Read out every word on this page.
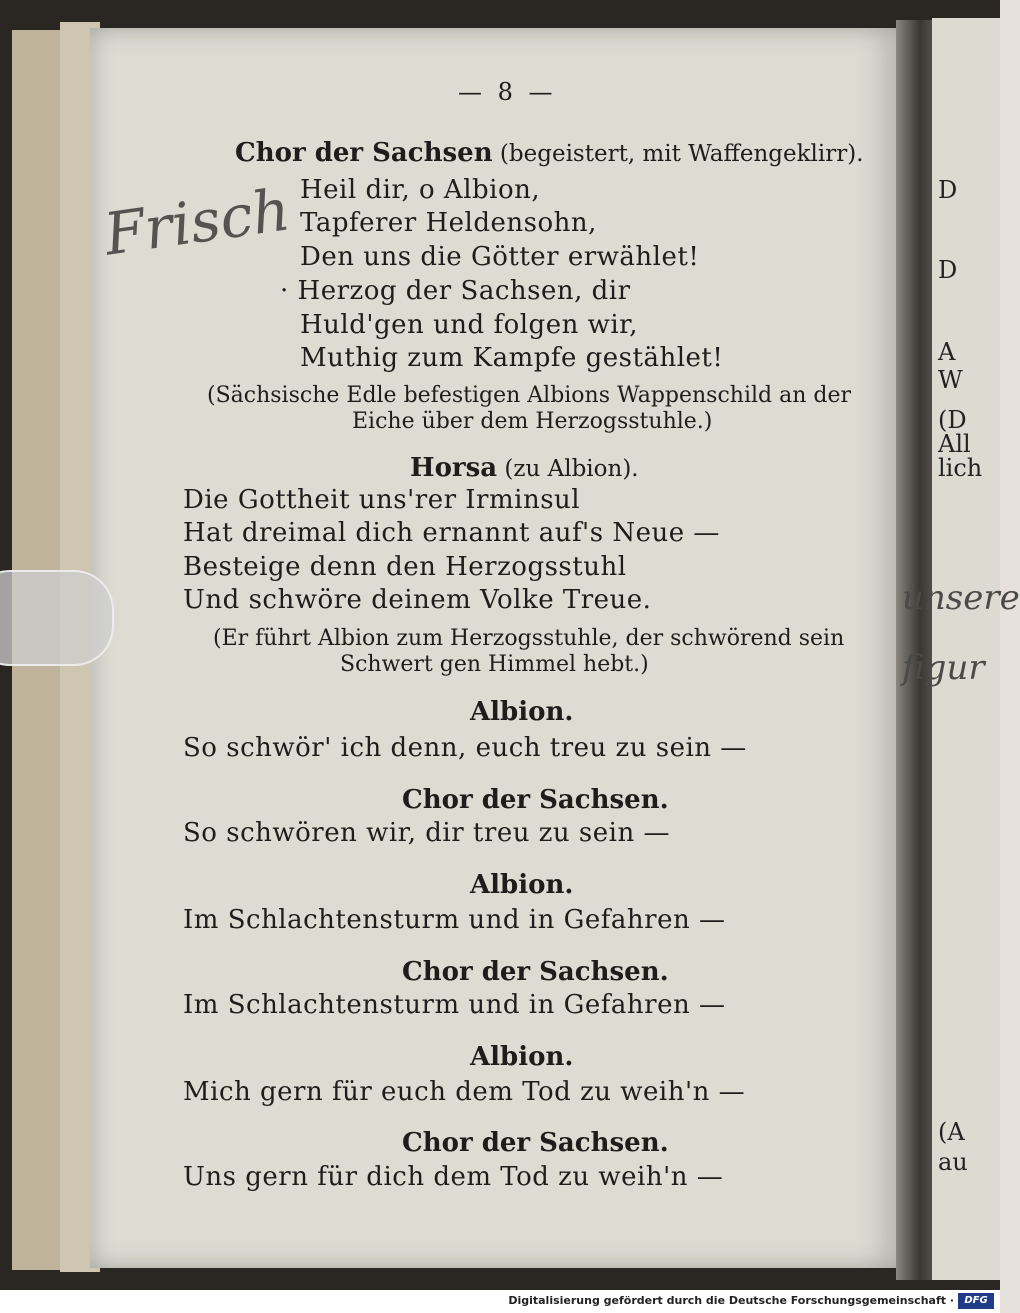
D
D
A
W
(D
All
lich
(A
au
unsere
figur
— 8 —
Frisch
Chor der Sachsen (begeistert, mit Waffengeklirr).
Heil dir, o Albion,
Tapferer Heldensohn,
Den uns die Götter erwählet!
· Herzog der Sachsen, dir
Huld'gen und folgen wir,
Muthig zum Kampfe gestählet!
(Sächsische Edle befestigen Albions Wappenschild an der
Eiche über dem Herzogsstuhle.)
Horsa (zu Albion).
Die Gottheit uns'rer Irminsul
Hat dreimal dich ernannt auf's Neue —
Besteige denn den Herzogsstuhl
Und schwöre deinem Volke Treue.
(Er führt Albion zum Herzogsstuhle, der schwörend sein
Schwert gen Himmel hebt.)
Albion.
So schwör' ich denn, euch treu zu sein —
Chor der Sachsen.
So schwören wir, dir treu zu sein —
Albion.
Im Schlachtensturm und in Gefahren —
Chor der Sachsen.
Im Schlachtensturm und in Gefahren —
Albion.
Mich gern für euch dem Tod zu weih'n —
Chor der Sachsen.
Uns gern für dich dem Tod zu weih'n —
Digitalisierung gefördert durch die Deutsche Forschungsgemeinschaft ·	DFG
